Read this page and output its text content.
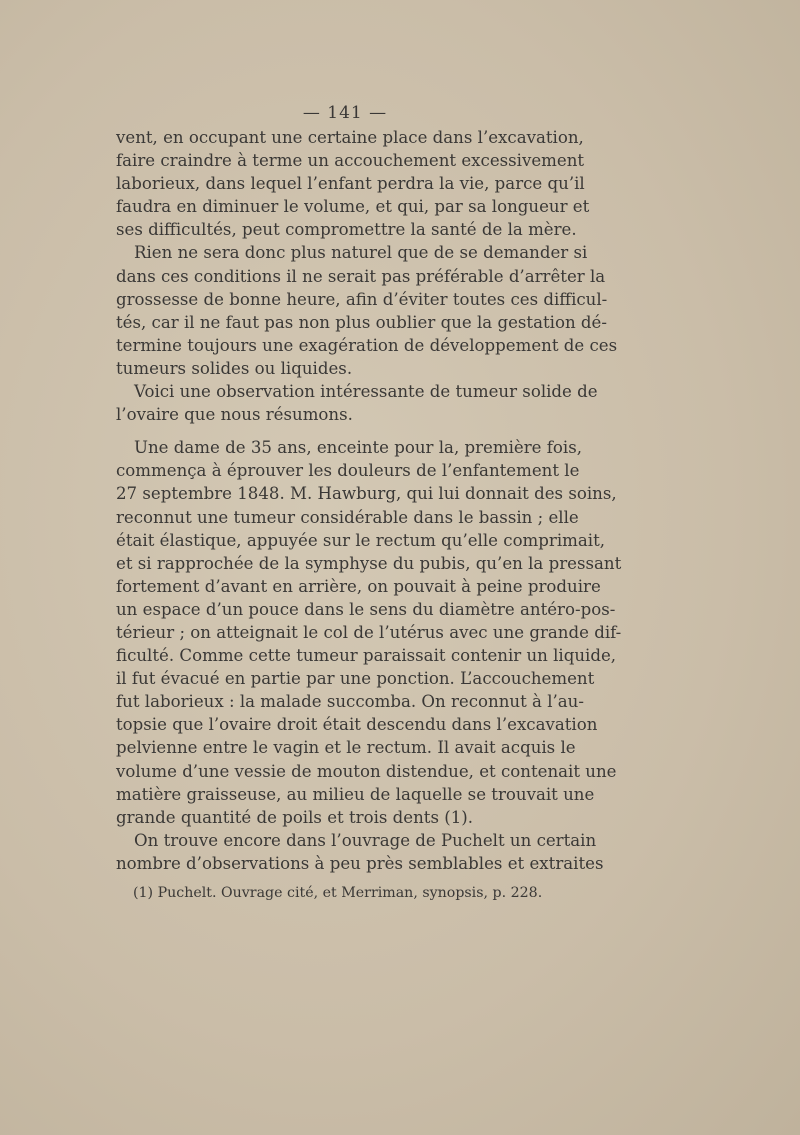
— 141 —
vent, en occupant une certaine place dans l’excavation,
faire craindre à terme un accouchement excessivement
laborieux, dans lequel l’enfant perdra la vie, parce qu’il
faudra en diminuer le volume, et qui, par sa longueur et
ses difficultés, peut compromettre la santé de la mère.
Rien ne sera donc plus naturel que de se demander si
dans ces conditions il ne serait pas préférable d’arrêter la
grossesse de bonne heure, afin d’éviter toutes ces difficul-
tés, car il ne faut pas non plus oublier que la gestation dé-
termine toujours une exagération de développement de ces
tumeurs solides ou liquides.
Voici une observation intéressante de tumeur solide de
l’ovaire que nous résumons.
Une dame de 35 ans, enceinte pour la, première fois,
commença à éprouver les douleurs de l’enfantement le
27 septembre 1848. M. Hawburg, qui lui donnait des soins,
reconnut une tumeur considérable dans le bassin ; elle
était élastique, appuyée sur le rectum qu’elle comprimait,
et si rapprochée de la symphyse du pubis, qu’en la pressant
fortement d’avant en arrière, on pouvait à peine produire
un espace d’un pouce dans le sens du diamètre antéro-pos-
térieur ; on atteignait le col de l’utérus avec une grande dif-
ficulté. Comme cette tumeur paraissait contenir un liquide,
il fut évacué en partie par une ponction. L’accouchement
fut laborieux : la malade succomba. On reconnut à l’au-
topsie que l’ovaire droit était descendu dans l’excavation
pelvienne entre le vagin et le rectum. Il avait acquis le
volume d’une vessie de mouton distendue, et contenait une
matière graisseuse, au milieu de laquelle se trouvait une
grande quantité de poils et trois dents (1).
On trouve encore dans l’ouvrage de Puchelt un certain
nombre d’observations à peu près semblables et extraites
(1) Puchelt. Ouvrage cité, et Merriman, synopsis, p. 228.
